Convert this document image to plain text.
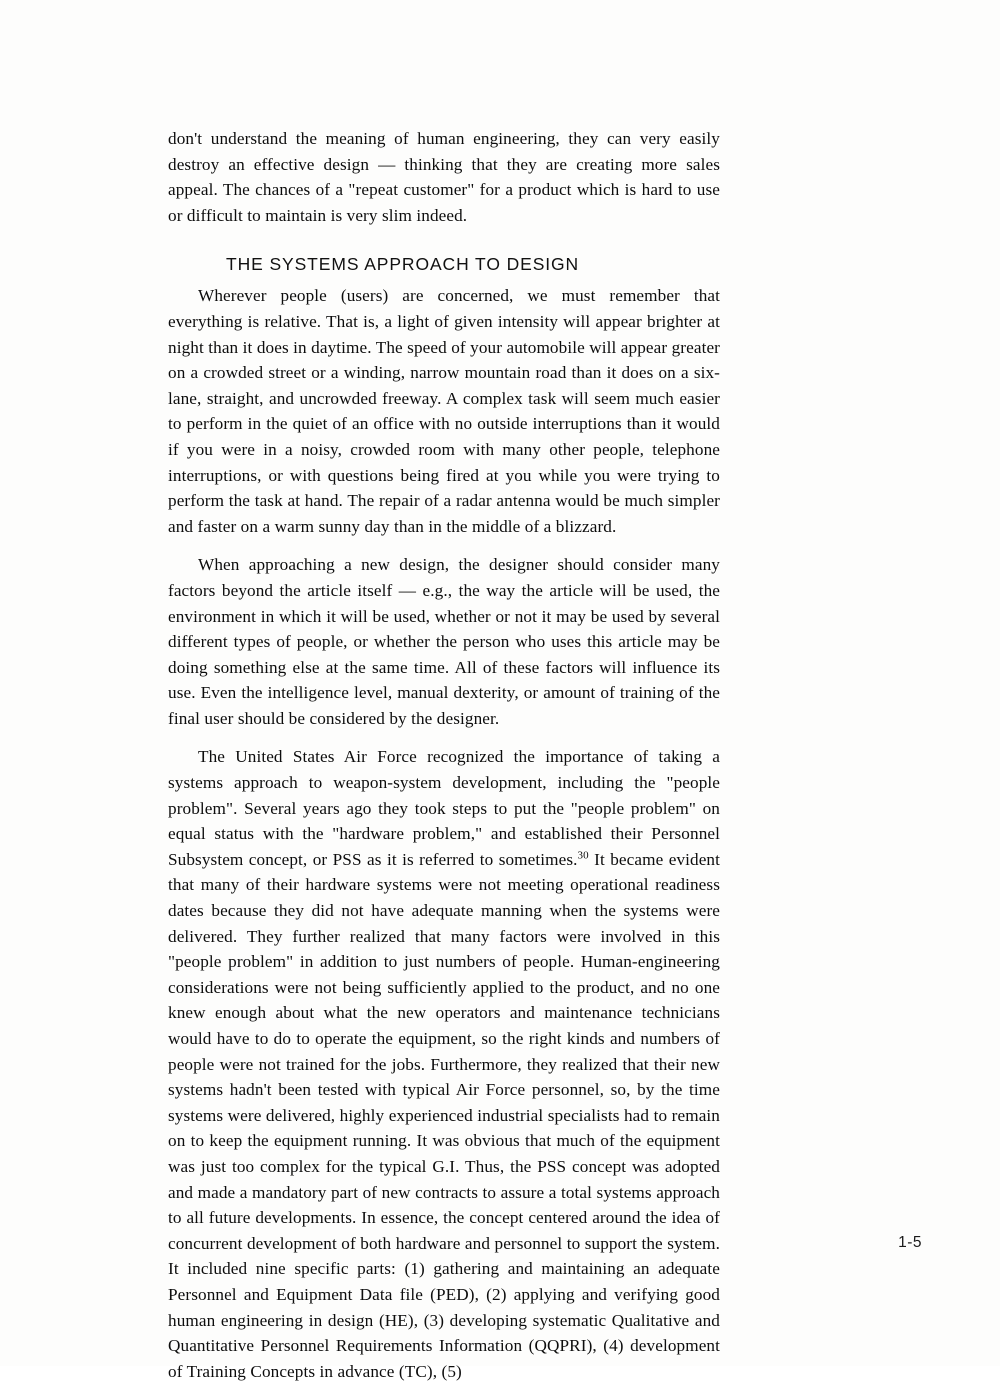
don't understand the meaning of human engineering, they can very easily destroy an effective design — thinking that they are creating more sales appeal. The chances of a "repeat customer" for a product which is hard to use or difficult to maintain is very slim indeed.

THE SYSTEMS APPROACH TO DESIGN

Wherever people (users) are concerned, we must remember that everything is relative. That is, a light of given intensity will appear brighter at night than it does in daytime. The speed of your automobile will appear greater on a crowded street or a winding, narrow mountain road than it does on a six-lane, straight, and uncrowded freeway. A complex task will seem much easier to perform in the quiet of an office with no outside interruptions than it would if you were in a noisy, crowded room with many other people, telephone interruptions, or with questions being fired at you while you were trying to perform the task at hand. The repair of a radar antenna would be much simpler and faster on a warm sunny day than in the middle of a blizzard.

When approaching a new design, the designer should consider many factors beyond the article itself — e.g., the way the article will be used, the environment in which it will be used, whether or not it may be used by several different types of people, or whether the person who uses this article may be doing something else at the same time. All of these factors will influence its use. Even the intelligence level, manual dexterity, or amount of training of the final user should be considered by the designer.

The United States Air Force recognized the importance of taking a systems approach to weapon-system development, including the "people problem". Several years ago they took steps to put the "people problem" on equal status with the "hardware problem," and established their Personnel Subsystem concept, or PSS as it is referred to sometimes.$^{30}$ It became evident that many of their hardware systems were not meeting operational readiness dates because they did not have adequate manning when the systems were delivered. They further realized that many factors were involved in this "people problem" in addition to just numbers of people. Human-engineering considerations were not being sufficiently applied to the product, and no one knew enough about what the new operators and maintenance technicians would have to do to operate the equipment, so the right kinds and numbers of people were not trained for the jobs. Furthermore, they realized that their new systems hadn't been tested with typical Air Force personnel, so, by the time systems were delivered, highly experienced industrial specialists had to remain on to keep the equipment running. It was obvious that much of the equipment was just too complex for the typical G.I. Thus, the PSS concept was adopted and made a mandatory part of new contracts to assure a total systems approach to all future developments. In essence, the concept centered around the idea of concurrent development of both hardware and personnel to support the system. It included nine specific parts: (1) gathering and maintaining an adequate Personnel and Equipment Data file (PED), (2) applying and verifying good human engineering in design (HE), (3) developing systematic Qualitative and Quantitative Personnel Requirements Information (QQPRI), (4) development of Training Concepts in advance (TC), (5)

1-5
